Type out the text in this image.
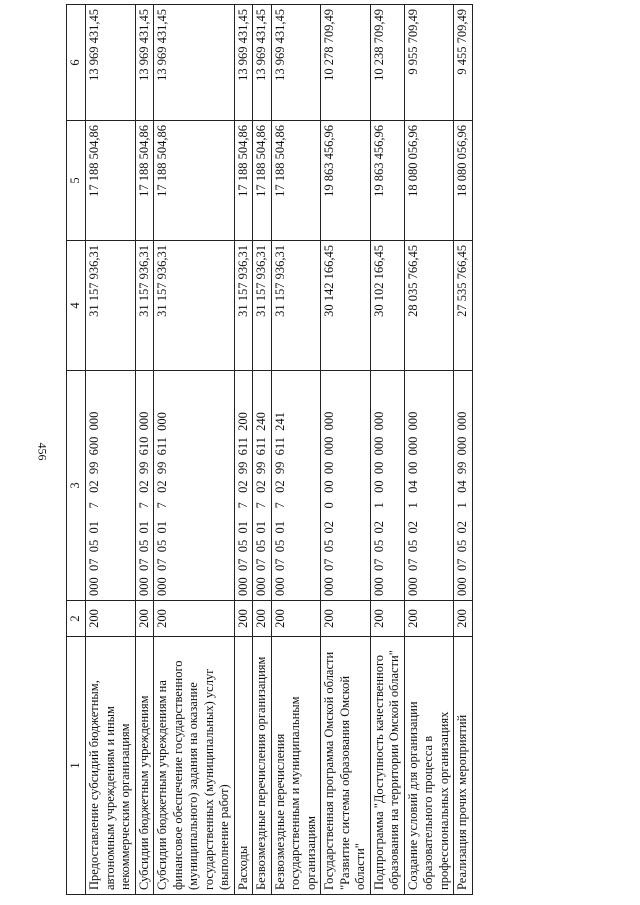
456
1	2	3	4	5	6
Предоставление субсидий бюджетным, автономным учреждениям и иным некоммерческим организациям	200	000  07  05  01    7   02  99  600  000	31 157 936,31	17 188 504,86	13 969 431,45
Субсидии бюджетным учреждениям	200	000  07  05  01    7   02  99  610  000	31 157 936,31	17 188 504,86	13 969 431,45
Субсидии бюджетным учреждениям на финансовое обеспечение государственного (муниципального) задания на оказание государственных (муниципальных) услуг (выполнение работ)	200	000  07  05  01    7   02  99  611  000	31 157 936,31	17 188 504,86	13 969 431,45
Расходы	200	000  07  05  01    7   02  99  611  200	31 157 936,31	17 188 504,86	13 969 431,45
Безвозмездные перечисления организациям	200	000  07  05  01    7   02  99  611  240	31 157 936,31	17 188 504,86	13 969 431,45
Безвозмездные перечисления государственным и муниципальным организациям	200	000  07  05  01    7   02  99  611  241	31 157 936,31	17 188 504,86	13 969 431,45
Государственная программа Омской области "Развитие системы образования Омской области"	200	000  07  05  02    0   00  00  000  000	30 142 166,45	19 863 456,96	10 278 709,49
Подпрограмма "Доступность качественного образования на территории Омской области"	200	000  07  05  02    1   00  00  000  000	30 102 166,45	19 863 456,96	10 238 709,49
Создание условий для организации образовательного процесса в профессиональных организациях	200	000  07  05  02    1   04  00  000  000	28 035 766,45	18 080 056,96	9 955 709,49
Реализация прочих мероприятий	200	000  07  05  02    1   04  99  000  000	27 535 766,45	18 080 056,96	9 455 709,49
